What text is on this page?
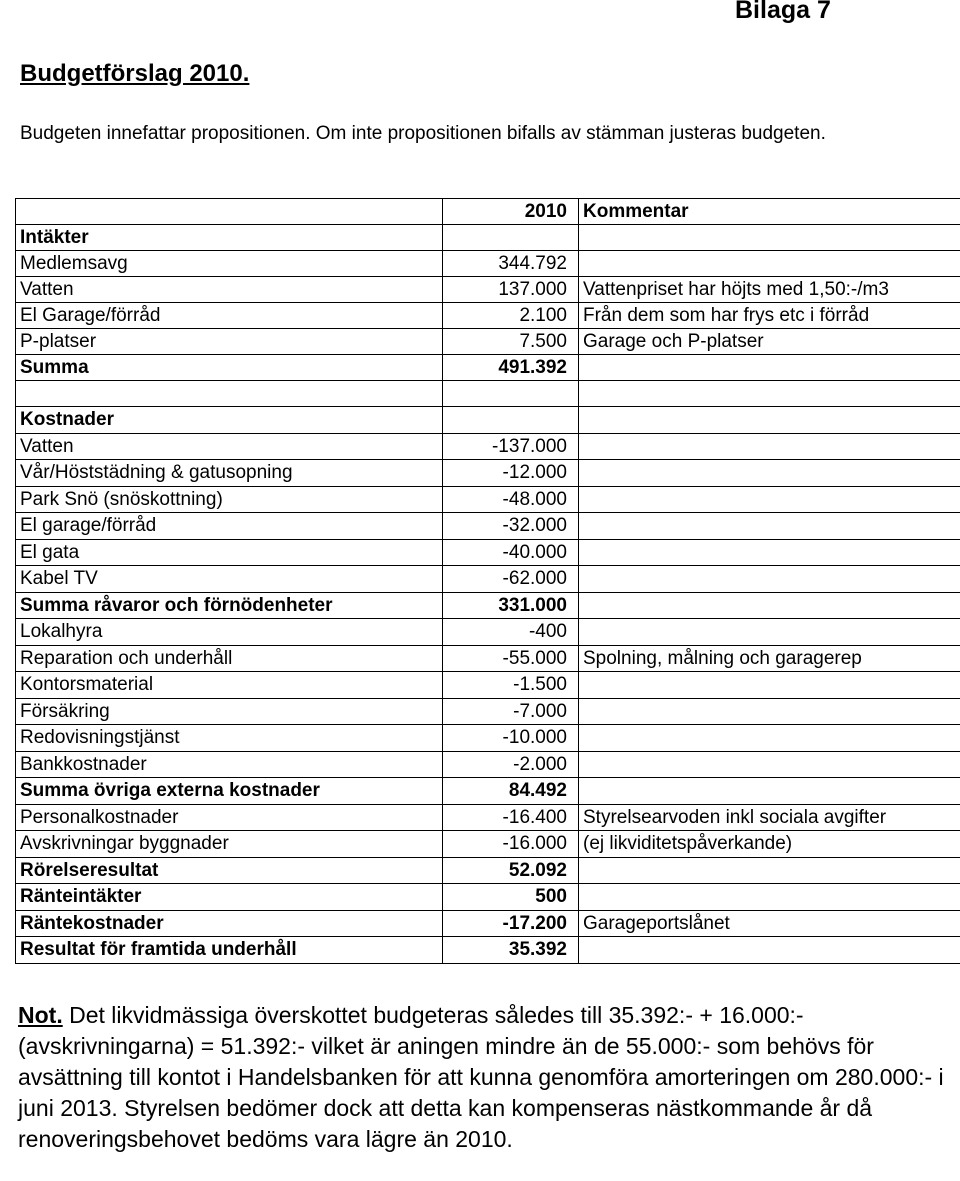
Bilaga 7
Budgetförslag 2010.
Budgeten innefattar propositionen. Om inte propositionen bifalls av stämman justeras budgeten.
	2010	Kommentar
Intäkter		
Medlemsavg	344.792	
Vatten	137.000	Vattenpriset har höjts med 1,50:-/m3
El Garage/förråd	2.100	Från dem som har frys etc i förråd
P-platser	7.500	Garage och P-platser
Summa	491.392	

Kostnader		
Vatten	-137.000	
Vår/Höststädning & gatusopning	-12.000	
Park Snö (snöskottning)	-48.000	
El garage/förråd	-32.000	
El gata	-40.000	
Kabel TV	-62.000	
Summa råvaror och förnödenheter	331.000	
Lokalhyra	-400	
Reparation och underhåll	-55.000	Spolning, målning och garagerep
Kontorsmaterial	-1.500	
Försäkring	-7.000	
Redovisningstjänst	-10.000	
Bankkostnader	-2.000	
Summa övriga externa kostnader	84.492	
Personalkostnader	-16.400	Styrelsearvoden inkl sociala avgifter
Avskrivningar byggnader	-16.000	(ej likviditetspåverkande)
Rörelseresultat	52.092	
Ränteintäkter	500	
Räntekostnader	-17.200	Garageportslånet
Resultat för framtida underhåll	35.392	
Not. Det likvidmässiga överskottet budgeteras således till 35.392:- + 16.000:- (avskrivningarna) = 51.392:- vilket är aningen mindre än de 55.000:- som behövs för avsättning till kontot i Handelsbanken för att kunna genomföra amorteringen om 280.000:- i juni 2013. Styrelsen bedömer dock att detta kan kompenseras nästkommande år då renoveringsbehovet bedöms vara lägre än 2010.
